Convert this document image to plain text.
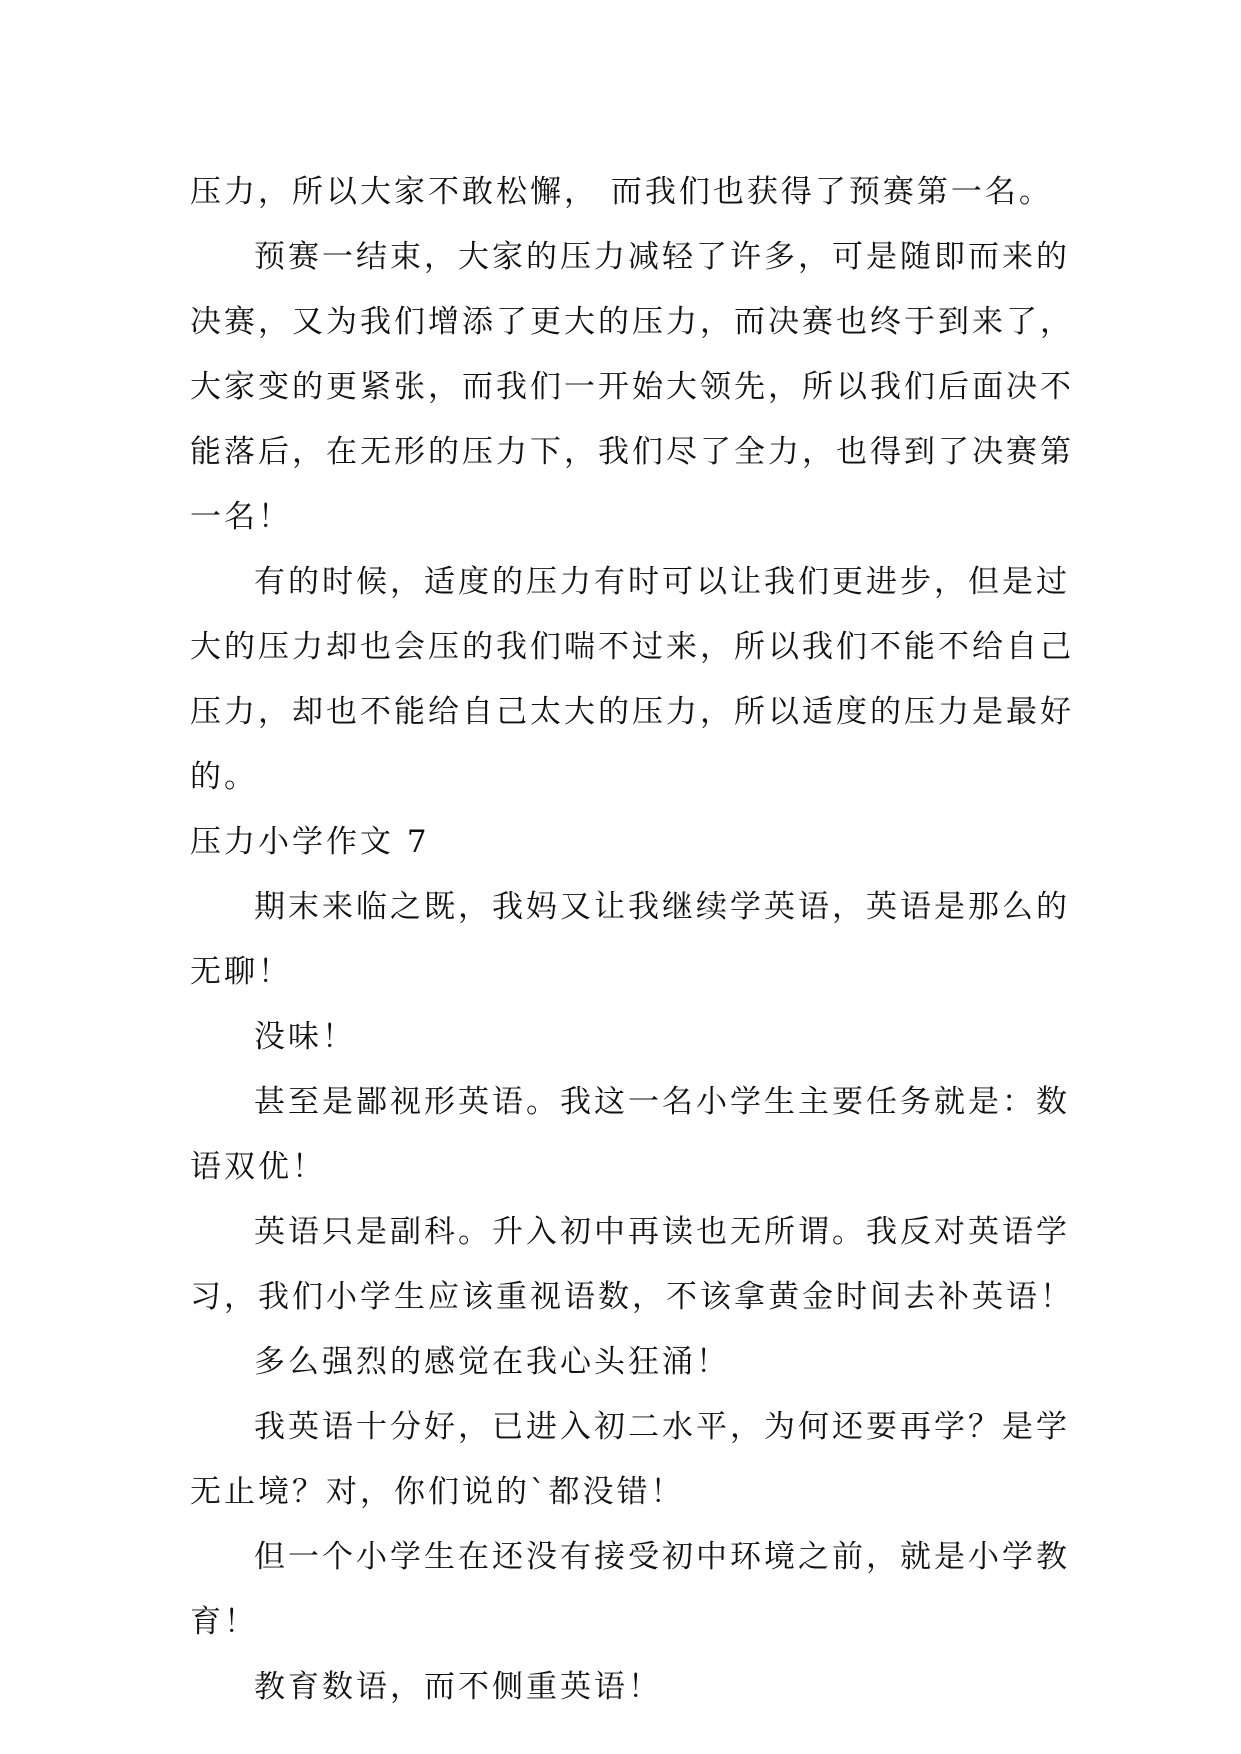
压力，所以大家不敢松懈， 而我们也获得了预赛第一名。
预赛一结束，大家的压力减轻了许多，可是随即而来的
决赛，又为我们增添了更大的压力，而决赛也终于到来了，
大家变的更紧张，而我们一开始大领先，所以我们后面决不
能落后，在无形的压力下，我们尽了全力，也得到了决赛第
一名！
有的时候，适度的压力有时可以让我们更进步，但是过
大的压力却也会压的我们喘不过来，所以我们不能不给自己
压力，却也不能给自己太大的压力，所以适度的压力是最好
的。
压力小学作文 7
期末来临之既，我妈又让我继续学英语，英语是那么的
无聊！
没味！
甚至是鄙视形英语。我这一名小学生主要任务就是：数
语双优！
英语只是副科。升入初中再读也无所谓。我反对英语学
习，我们小学生应该重视语数，不该拿黄金时间去补英语！
多么强烈的感觉在我心头狂涌！
我英语十分好，已进入初二水平，为何还要再学？是学
无止境？对，你们说的`都没错！
但一个小学生在还没有接受初中环境之前，就是小学教
育！
教育数语，而不侧重英语！
